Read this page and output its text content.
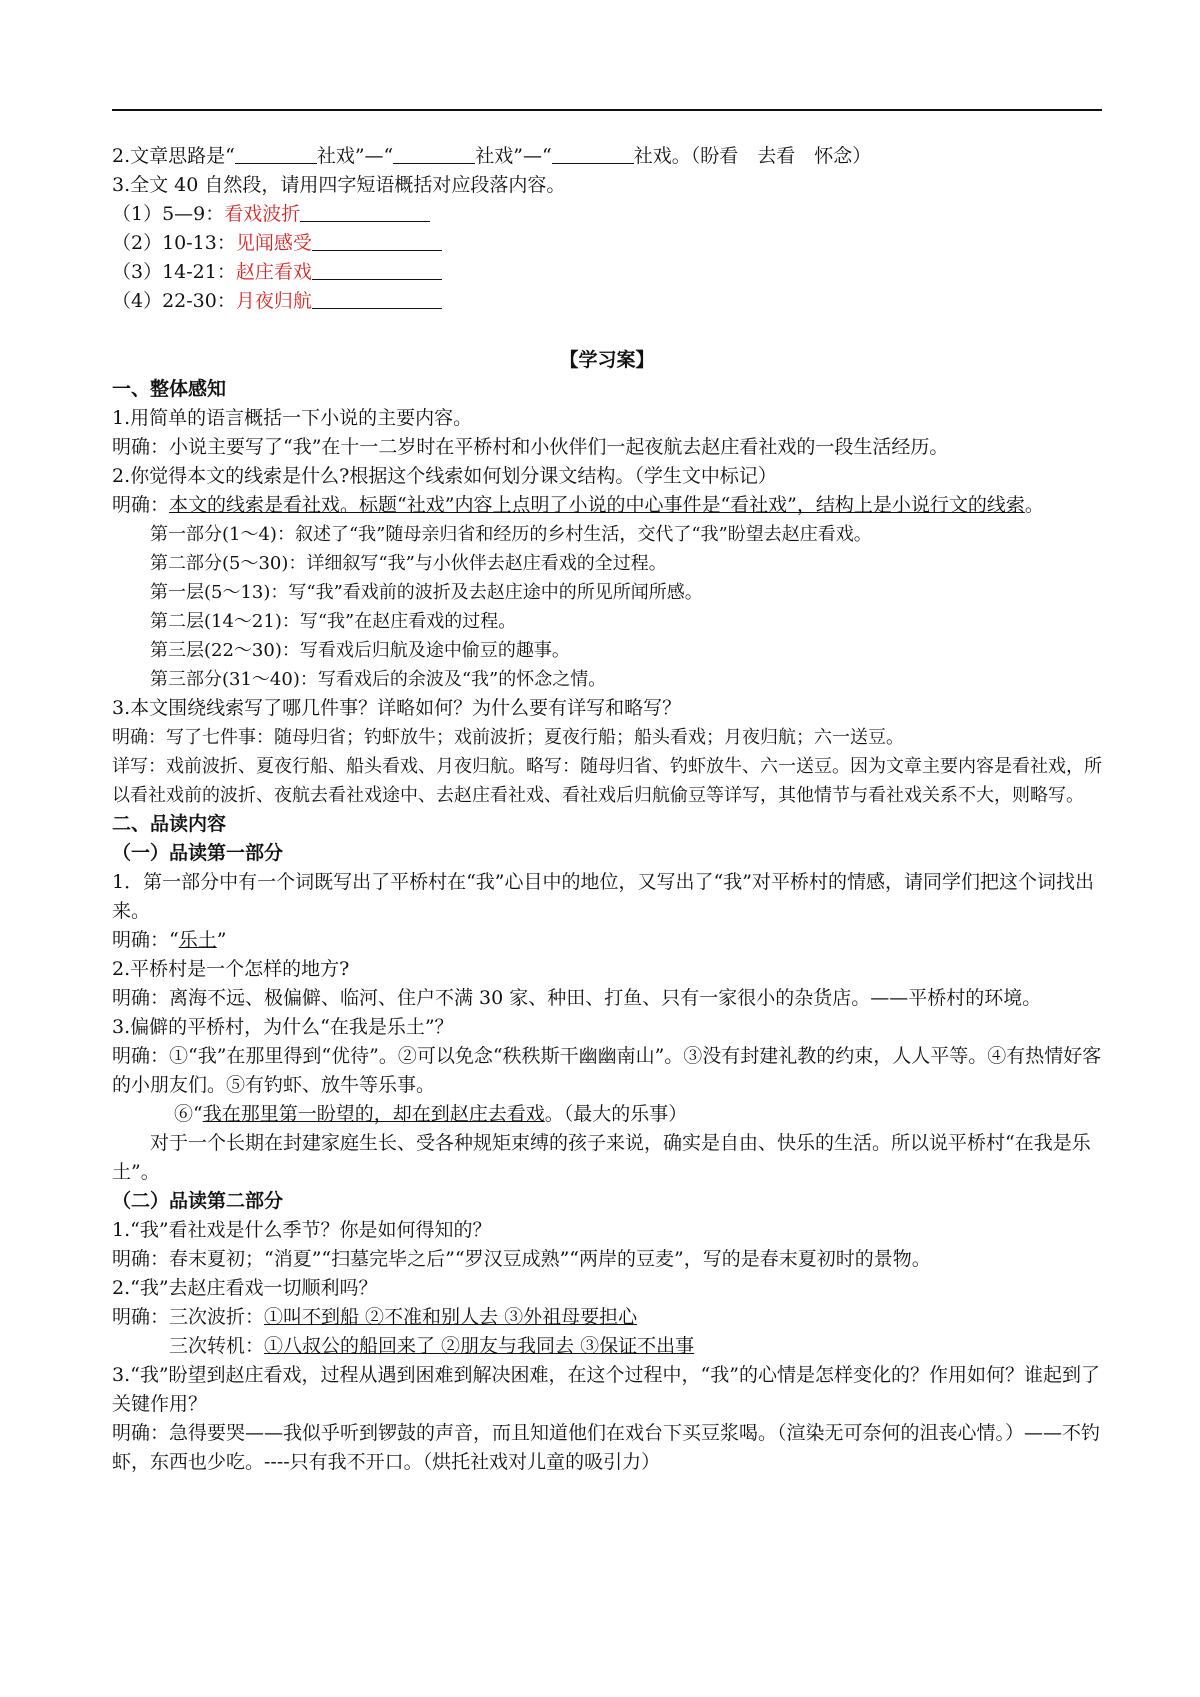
2.文章思路是“	社戏”—“	社戏”—“	社戏。（盼看　去看　怀念）
3.全文 40 自然段，请用四字短语概括对应段落内容。
（1）5—9：看戏波折
（2）10-13：见闻感受
（3）14-21：赵庄看戏
（4）22-30：月夜归航
【学习案】
一、整体感知
1.用简单的语言概括一下小说的主要内容。
明确：小说主要写了“我”在十一二岁时在平桥村和小伙伴们一起夜航去赵庄看社戏的一段生活经历。
2.你觉得本文的线索是什么?根据这个线索如何划分课文结构。（学生文中标记）
明确：本文的线索是看社戏。标题“社戏”内容上点明了小说的中心事件是“看社戏”，结构上是小说行文的线索。
第一部分(1～4)：叙述了“我”随母亲归省和经历的乡村生活，交代了“我”盼望去赵庄看戏。
第二部分(5～30)：详细叙写“我”与小伙伴去赵庄看戏的全过程。
第一层(5～13)：写“我”看戏前的波折及去赵庄途中的所见所闻所感。
第二层(14～21)：写“我”在赵庄看戏的过程。
第三层(22～30)：写看戏后归航及途中偷豆的趣事。
第三部分(31～40)：写看戏后的余波及“我”的怀念之情。
3.本文围绕线索写了哪几件事？详略如何？为什么要有详写和略写？
明确：写了七件事：随母归省；钓虾放牛；戏前波折；夏夜行船；船头看戏；月夜归航；六一送豆。
详写：戏前波折、夏夜行船、船头看戏、月夜归航。略写：随母归省、钓虾放牛、六一送豆。因为文章主要内容是看社戏，所以看社戏前的波折、夜航去看社戏途中、去赵庄看社戏、看社戏后归航偷豆等详写，其他情节与看社戏关系不大，则略写。
二、品读内容
（一）品读第一部分
1．第一部分中有一个词既写出了平桥村在“我”心目中的地位，又写出了“我”对平桥村的情感，请同学们把这个词找出来。
明确：“乐土”
2.平桥村是一个怎样的地方?
明确：离海不远、极偏僻、临河、住户不满 30 家、种田、打鱼、只有一家很小的杂货店。——平桥村的环境。
3.偏僻的平桥村，为什么“在我是乐土”？
明确：①“我”在那里得到“优待”。②可以免念“秩秩斯干幽幽南山”。③没有封建礼教的约束，人人平等。④有热情好客的小朋友们。⑤有钓虾、放牛等乐事。
⑥“我在那里第一盼望的，却在到赵庄去看戏。（最大的乐事）
对于一个长期在封建家庭生长、受各种规矩束缚的孩子来说，确实是自由、快乐的生活。所以说平桥村“在我是乐土”。
（二）品读第二部分
1.“我”看社戏是什么季节？你是如何得知的？
明确：春末夏初；“消夏”“扫墓完毕之后”“罗汉豆成熟”“两岸的豆麦”，写的是春末夏初时的景物。
2.“我”去赵庄看戏一切顺利吗？
明确：三次波折：①叫不到船 ②不准和别人去 ③外祖母要担心
三次转机：①八叔公的船回来了 ②朋友与我同去 ③保证不出事
3.“我”盼望到赵庄看戏，过程从遇到困难到解决困难，在这个过程中，“我”的心情是怎样变化的？作用如何？谁起到了关键作用？
明确：急得要哭——我似乎听到锣鼓的声音，而且知道他们在戏台下买豆浆喝。（渲染无可奈何的沮丧心情。）——不钓虾，东西也少吃。----只有我不开口。（烘托社戏对儿童的吸引力）
